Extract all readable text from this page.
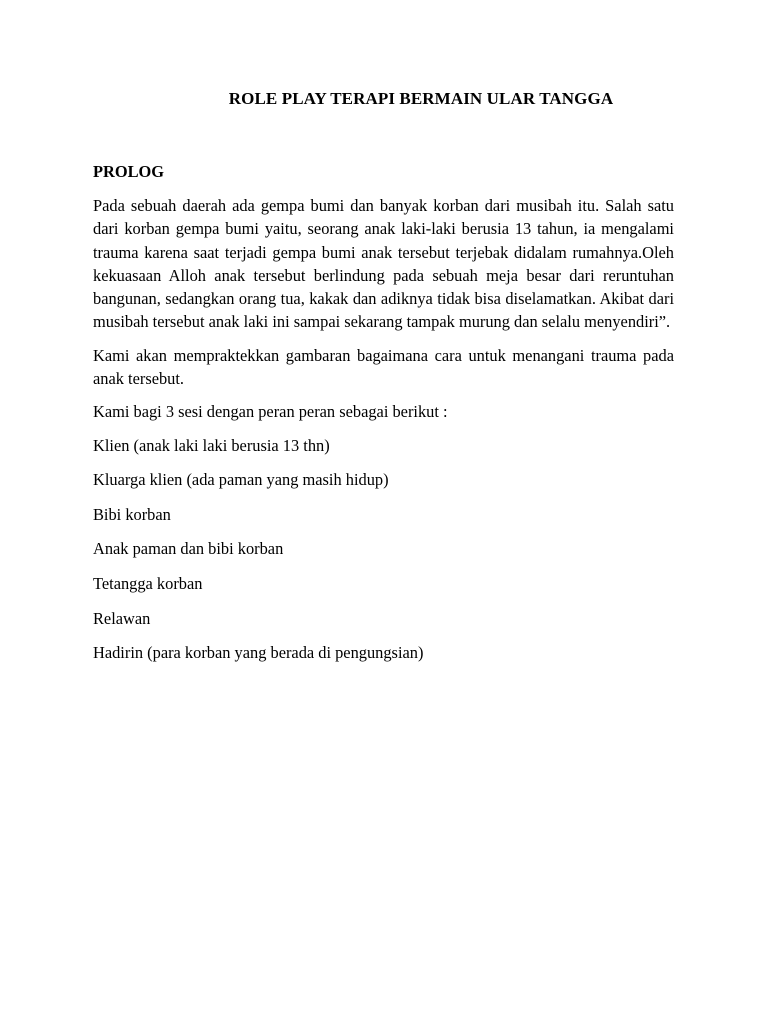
ROLE PLAY TERAPI BERMAIN ULAR TANGGA

PROLOG

Pada sebuah daerah ada gempa bumi dan banyak korban dari musibah itu. Salah satu dari korban gempa bumi yaitu, seorang anak laki-laki berusia 13 tahun, ia mengalami trauma karena saat terjadi gempa bumi anak tersebut terjebak didalam rumahnya.Oleh kekuasaan Alloh anak tersebut berlindung pada sebuah meja besar dari reruntuhan bangunan, sedangkan orang tua, kakak dan adiknya tidak bisa diselamatkan. Akibat dari musibah tersebut anak laki ini sampai sekarang tampak murung dan selalu menyendiri”.

Kami akan mempraktekkan gambaran bagaimana cara untuk menangani trauma pada anak tersebut.

Kami bagi 3 sesi dengan peran peran sebagai berikut :

Klien (anak laki laki berusia 13 thn)

Kluarga klien (ada paman yang masih hidup)

Bibi korban

Anak paman dan bibi korban

Tetangga korban

Relawan

Hadirin (para korban yang berada di pengungsian)
